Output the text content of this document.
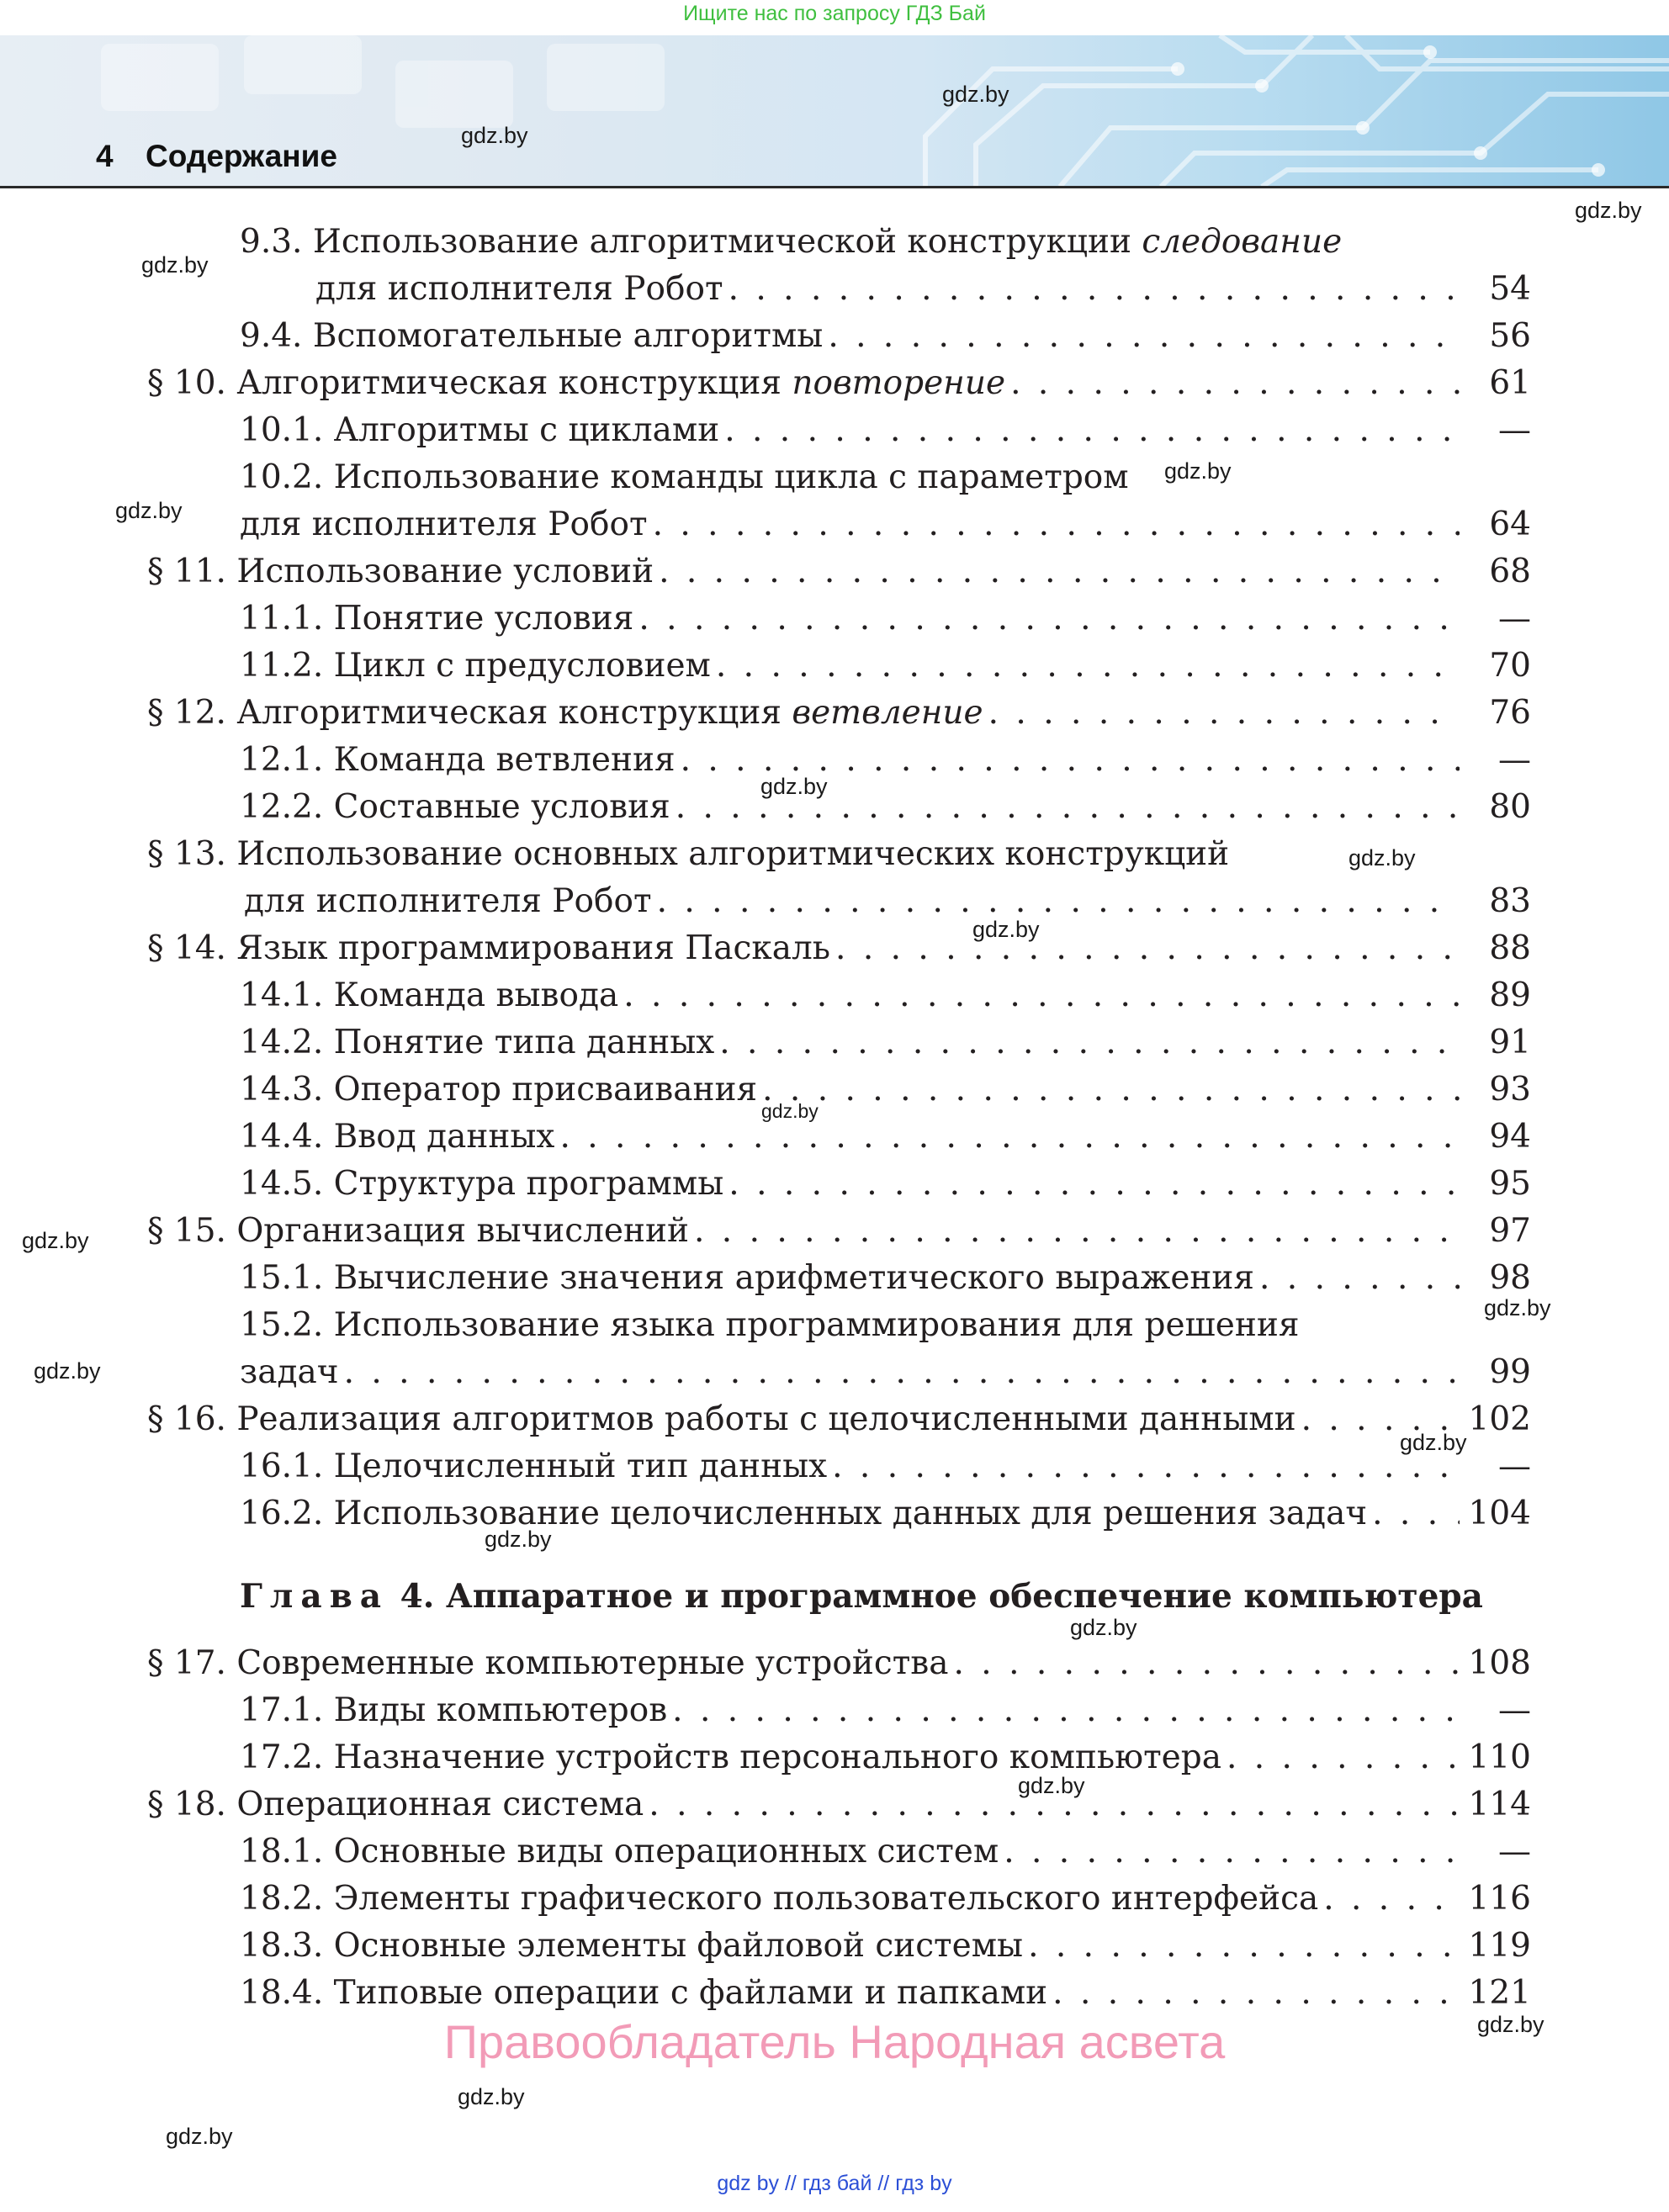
Ищите нас по запросу ГДЗ Бай
4 Содержание
9.3. Использование алгоритмической конструкции следование
для исполнителя Робот . . .	54
9.4. Вспомогательные алгоритмы . . .	56
§ 10. Алгоритмическая конструкция повторение . . .	61
10.1. Алгоритмы с циклами . . .	—
10.2. Использование команды цикла с параметром
для исполнителя Робот . . .	64
§ 11. Использование условий . . .	68
11.1. Понятие условия . . .	—
11.2. Цикл с предусловием . . .	70
§ 12. Алгоритмическая конструкция ветвление . . .	76
12.1. Команда ветвления . . .	—
12.2. Составные условия . . .	80
§ 13. Использование основных алгоритмических конструкций
для исполнителя Робот . . .	83
§ 14. Язык программирования Паскаль . . .	88
14.1. Команда вывода . . .	89
14.2. Понятие типа данных . . .	91
14.3. Оператор присваивания . . .	93
14.4. Ввод данных . . .	94
14.5. Структура программы . . .	95
§ 15. Организация вычислений . . .	97
15.1. Вычисление значения арифметического выражения . . .	98
15.2. Использование языка программирования для решения
задач . . .	99
§ 16. Реализация алгоритмов работы с целочисленными данными . . .	102
16.1. Целочисленный тип данных . . .	—
16.2. Использование целочисленных данных для решения задач . . .	104
Глава 4. Аппаратное и программное обеспечение компьютера
§ 17. Современные компьютерные устройства . . .	108
17.1. Виды компьютеров . . .	—
17.2. Назначение устройств персонального компьютера . . .	110
§ 18. Операционная система . . .	114
18.1. Основные виды операционных систем . . .	—
18.2. Элементы графического пользовательского интерфейса . . .	116
18.3. Основные элементы файловой системы . . .	119
18.4. Типовые операции с файлами и папками . . .	121
gdz.by
gdz.by
gdz.by
gdz.by
gdz.by
gdz.by
gdz.by
gdz.by
gdz.by
gdz.by
gdz.by
gdz.by
gdz.by
gdz.by
gdz.by
gdz.by
gdz.by
gdz.by
gdz.by
gdz.by
Правообладатель Народная асвета
gdz by // гдз бай // гдз by
